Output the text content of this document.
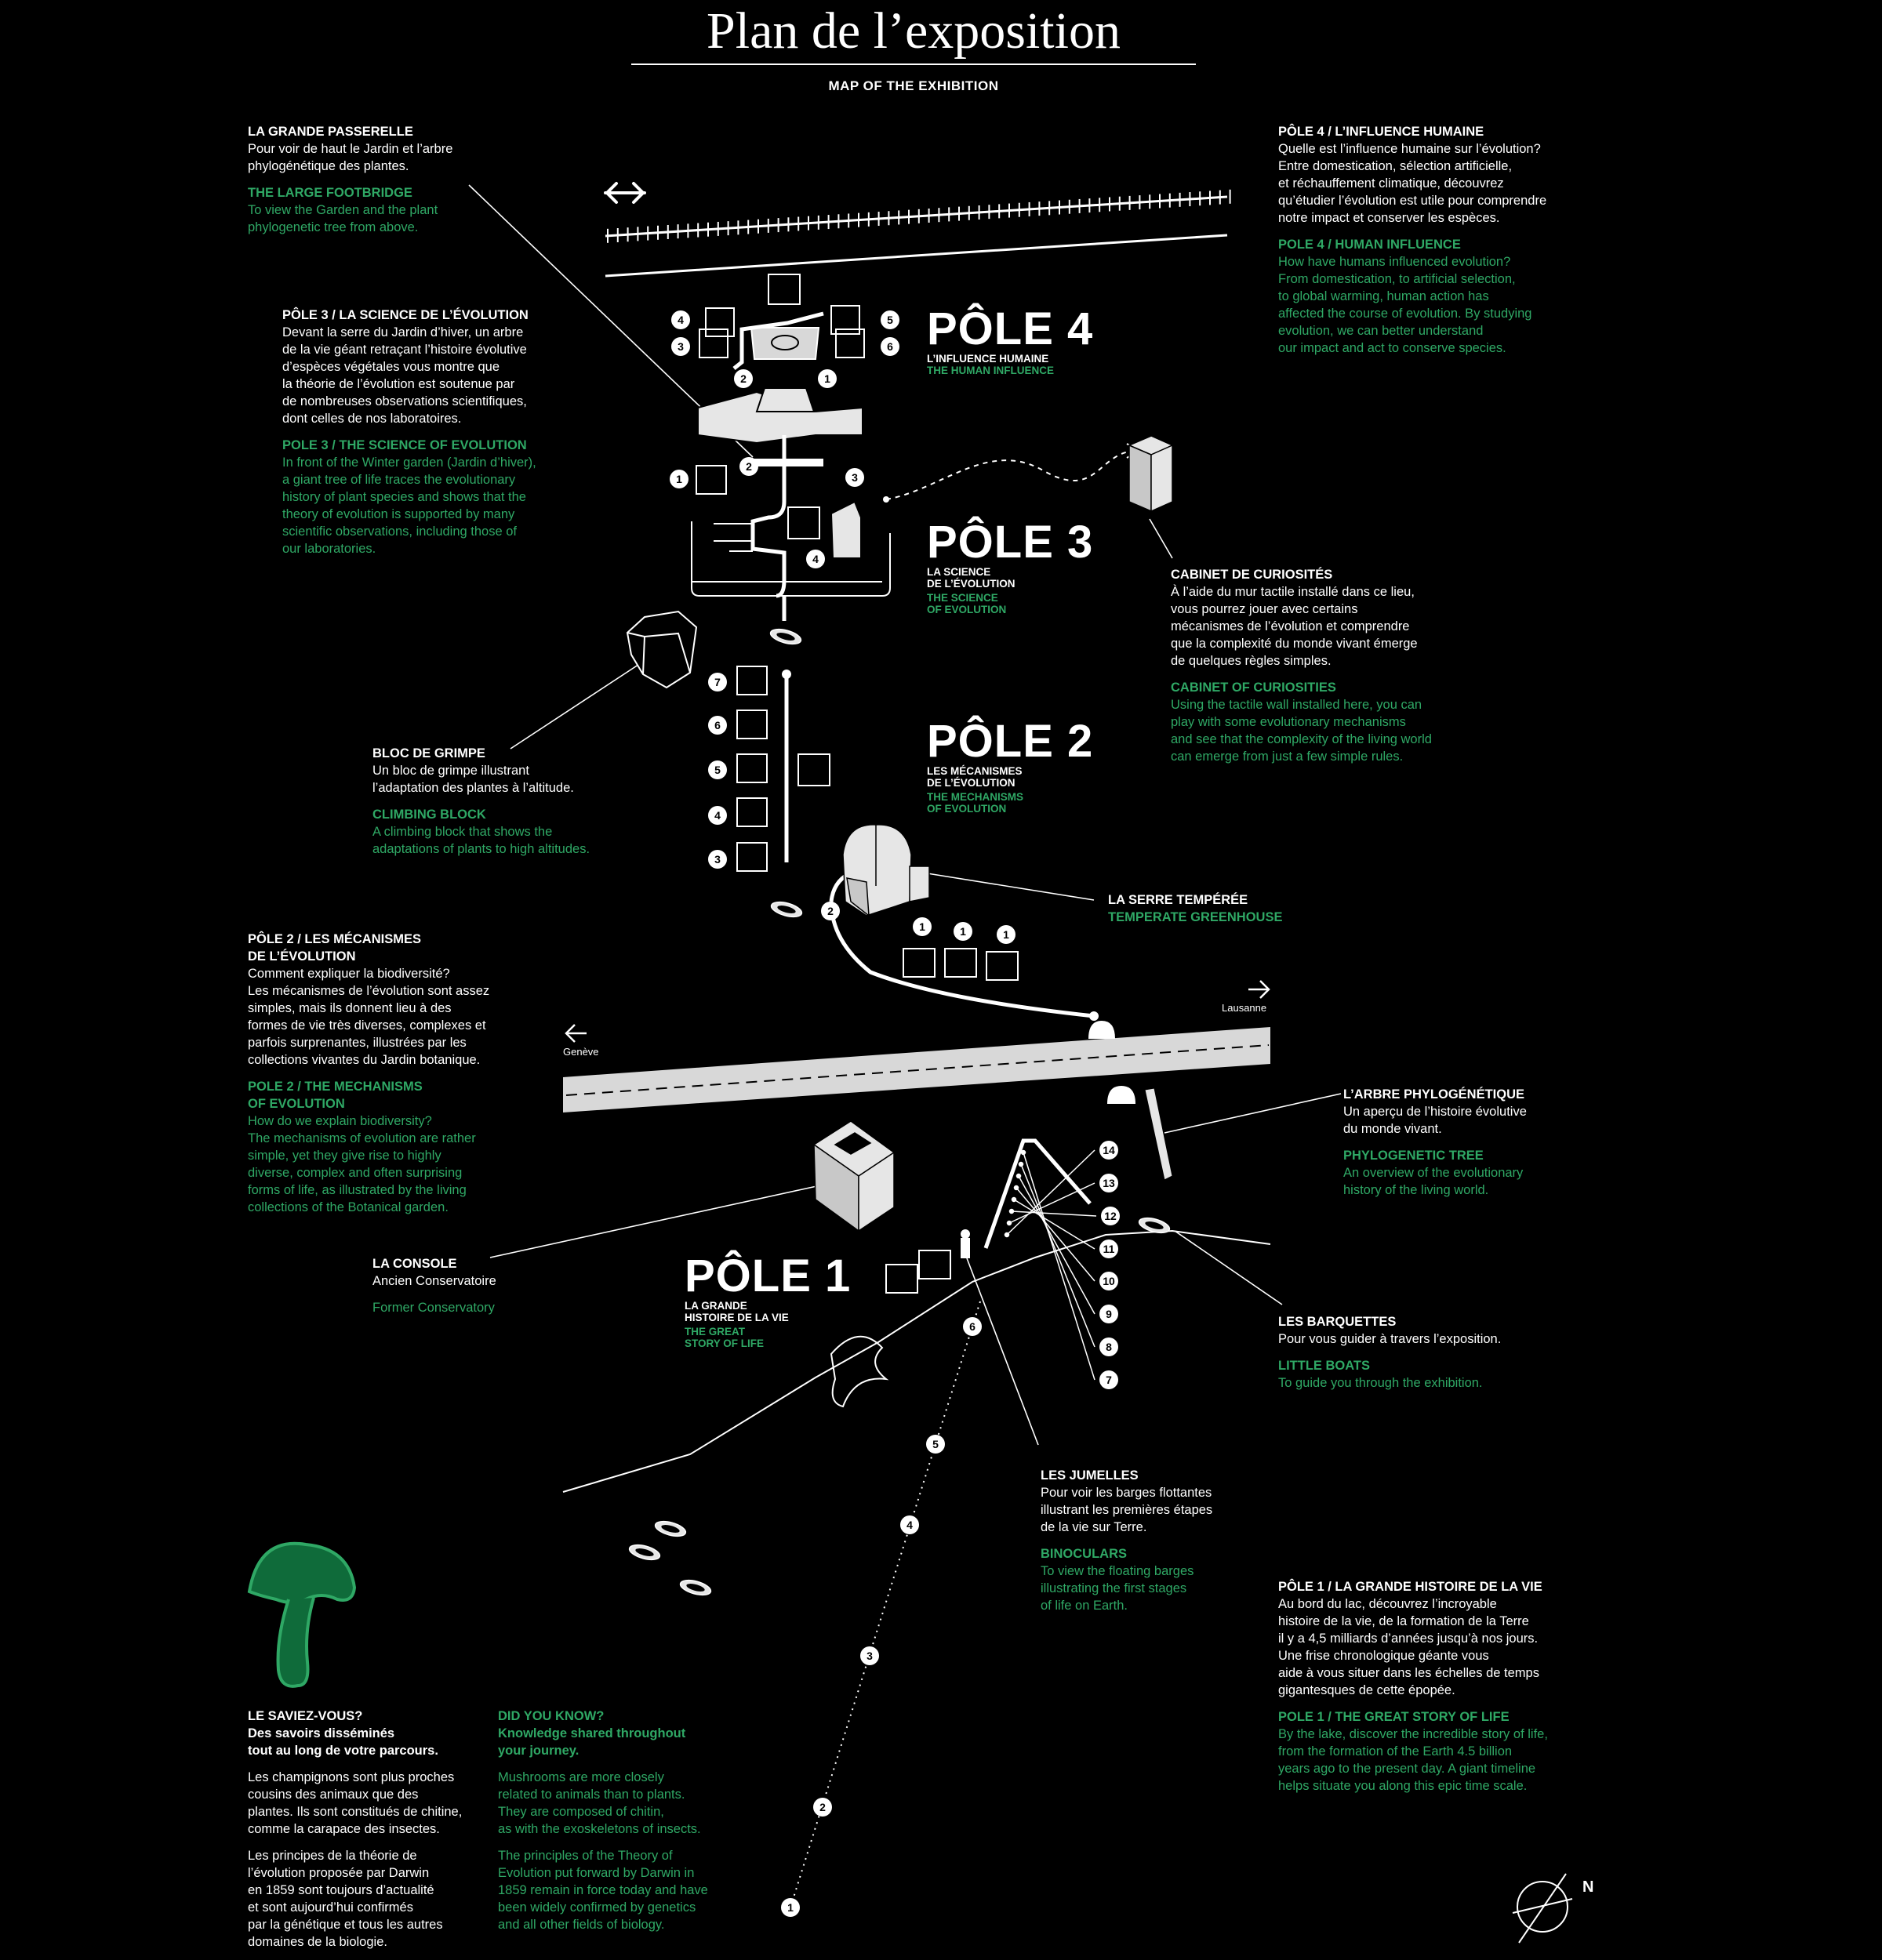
1
2
3
4	5
6
1
2
3
4
1	1	1
2
3
4
5
6
7
7
8
9
10
11
12
13
14
1
2
3
4
5
6
Plan de l’exposition
MAP OF THE EXHIBITION
PÔLE 4
L’INFLUENCE HUMAINE
THE HUMAN INFLUENCE
PÔLE 3
LA SCIENCE
DE L’ÉVOLUTION
THE SCIENCE
OF EVOLUTION
PÔLE 2
LES MÉCANISMES
DE L’ÉVOLUTION
THE MECHANISMS
OF EVOLUTION
PÔLE 1
LA GRANDE
HISTOIRE DE LA VIE
THE GREAT
STORY OF LIFE
Genève
Lausanne
N

LA GRANDE PASSERELLE

Pour voir de haut le Jardin et l’arbre

phylogénétique des plantes.

THE LARGE FOOTBRIDGE

To view the Garden and the plant

phylogenetic tree from above.

PÔLE 3 / LA SCIENCE DE L’ÉVOLUTION

Devant la serre du Jardin d’hiver, un arbre

de la vie géant retraçant l’histoire évolutive

d’espèces végétales vous montre que

la théorie de l’évolution est soutenue par

de nombreuses observations scientifiques,

dont celles de nos laboratoires.

POLE 3 / THE SCIENCE OF EVOLUTION

In front of the Winter garden (Jardin d’hiver),

a giant tree of life traces the evolutionary

history of plant species and shows that the

theory of evolution is supported by many

scientific observations, including those of

our laboratories.

PÔLE 4 / L’INFLUENCE HUMAINE

Quelle est l’influence humaine sur l’évolution?

Entre domestication, sélection artificielle,

et réchauffement climatique, découvrez

qu’étudier l’évolution est utile pour comprendre

notre impact et conserver les espèces.

POLE 4 / HUMAN INFLUENCE

How have humans influenced evolution?

From domestication, to artificial selection,

to global warming, human action has

affected the course of evolution. By studying

evolution, we can better understand

our impact and act to conserve species.

CABINET DE CURIOSITÉS

À l’aide du mur tactile installé dans ce lieu,

vous pourrez jouer avec certains

mécanismes de l’évolution et comprendre

que la complexité du monde vivant émerge

de quelques règles simples.

CABINET OF CURIOSITIES

Using the tactile wall installed here, you can

play with some evolutionary mechanisms

and see that the complexity of the living world

can emerge from just a few simple rules.

BLOC DE GRIMPE

Un bloc de grimpe illustrant

l’adaptation des plantes à l’altitude.

CLIMBING BLOCK

A climbing block that shows the

adaptations of plants to high altitudes.

LA SERRE TEMPÉRÉE

TEMPERATE GREENHOUSE

PÔLE 2 / LES MÉCANISMES

DE L’ÉVOLUTION

Comment expliquer la biodiversité?

Les mécanismes de l’évolution sont assez

simples, mais ils donnent lieu à des

formes de vie très diverses, complexes et

parfois surprenantes, illustrées par les

collections vivantes du Jardin botanique.

POLE 2 / THE MECHANISMS

OF EVOLUTION

How do we explain biodiversity?

The mechanisms of evolution are rather

simple, yet they give rise to highly

diverse, complex and often surprising

forms of life, as illustrated by the living

collections of the Botanical garden.

L’ARBRE PHYLOGÉNÉTIQUE

Un aperçu de l’histoire évolutive

du monde vivant.

PHYLOGENETIC TREE

An overview of the evolutionary

history of the living world.

LA CONSOLE

Ancien Conservatoire

Former Conservatory

LES BARQUETTES

Pour vous guider à travers l’exposition.

LITTLE BOATS

To guide you through the exhibition.

LES JUMELLES

Pour voir les barges flottantes

illustrant les premières étapes

de la vie sur Terre.

BINOCULARS

To view the floating barges

illustrating the first stages

of life on Earth.

PÔLE 1 / LA GRANDE HISTOIRE DE LA VIE

Au bord du lac, découvrez l’incroyable

histoire de la vie, de la formation de la Terre

il y a 4,5 milliards d’années jusqu’à nos jours.

Une frise chronologique géante vous

aide à vous situer dans les échelles de temps

gigantesques de cette épopée.

POLE 1 / THE GREAT STORY OF LIFE

By the lake, discover the incredible story of life,

from the formation of the Earth 4.5 billion

years ago to the present day. A giant timeline

helps situate you along this epic time scale.

LE SAVIEZ-VOUS?

Des savoirs disséminés

tout au long de votre parcours.

Les champignons sont plus proches

cousins des animaux que des

plantes. Ils sont constitués de chitine,

comme la carapace des insectes.

Les principes de la théorie de

l’évolution proposée par Darwin

en 1859 sont toujours d’actualité

et sont aujourd’hui confirmés

par la génétique et tous les autres

domaines de la biologie.

DID YOU KNOW?

Knowledge shared throughout

your journey.

Mushrooms are more closely

related to animals than to plants.

They are composed of chitin,

as with the exoskeletons of insects.

The principles of the Theory of

Evolution put forward by Darwin in

1859 remain in force today and have

been widely confirmed by genetics

and all other fields of biology.
